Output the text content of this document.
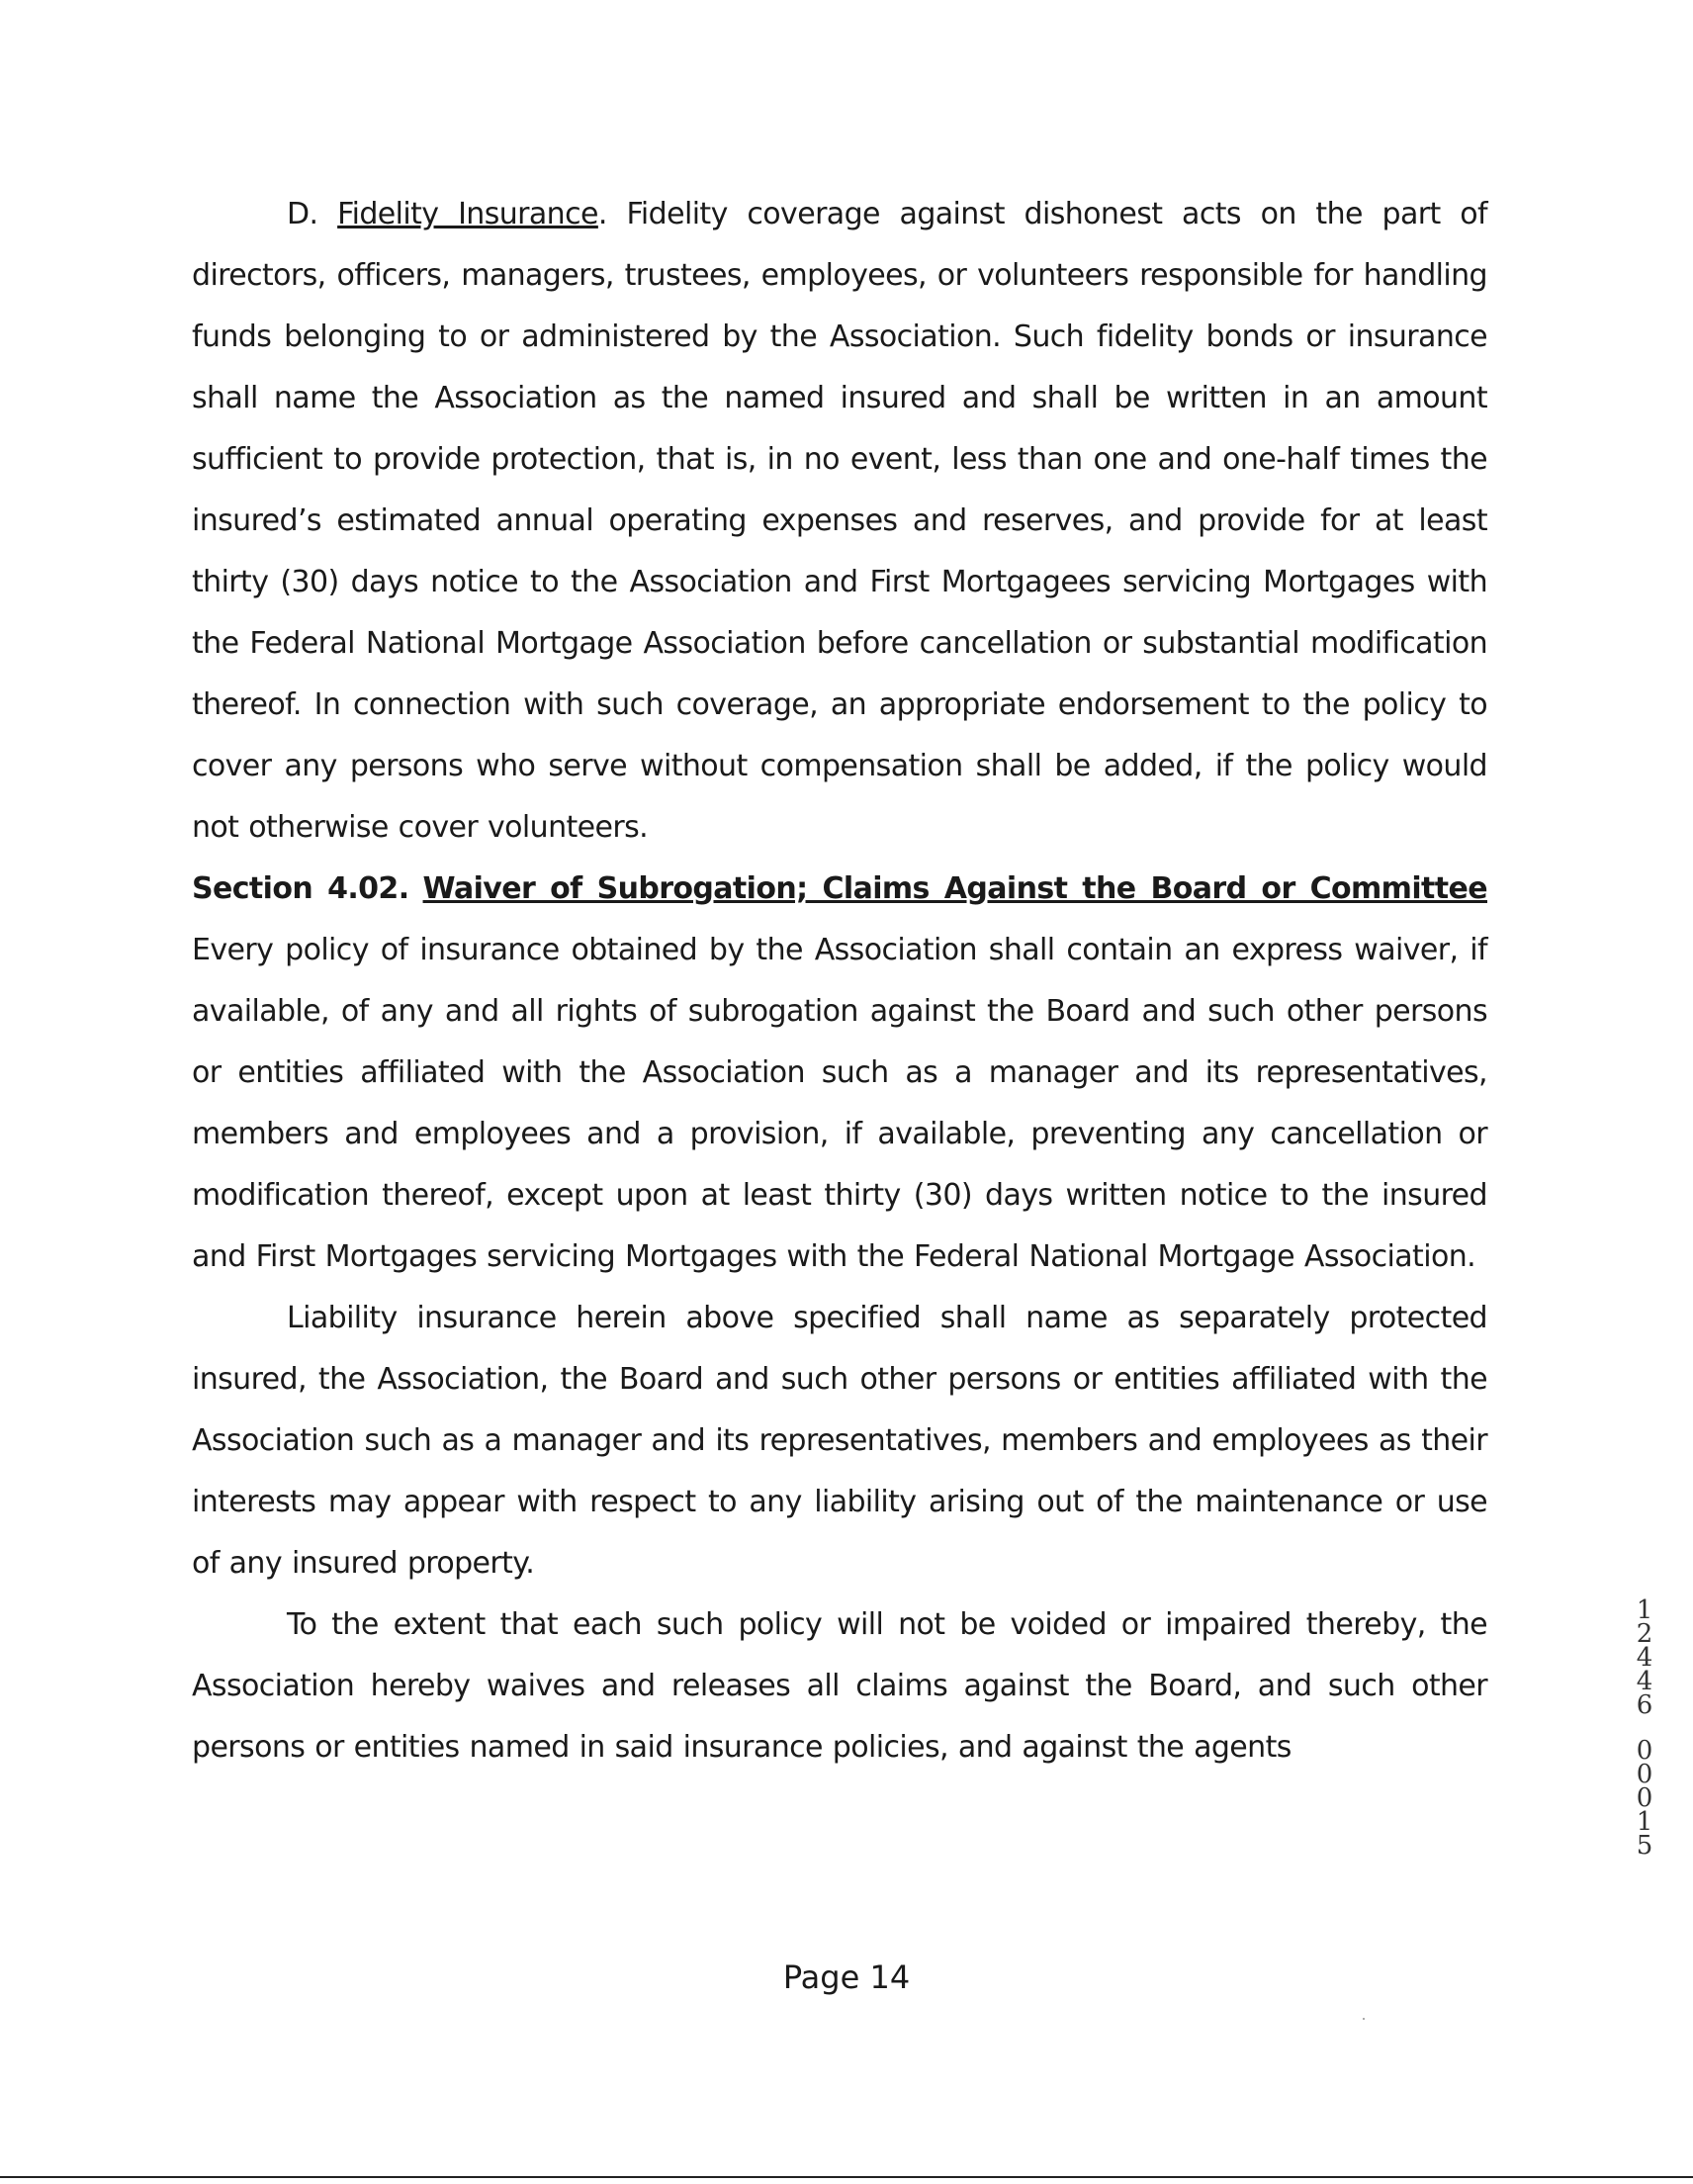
D. Fidelity Insurance. Fidelity coverage against dishonest acts on the part of directors, officers, managers, trustees, employees, or volunteers responsible for handling funds belonging to or administered by the Association. Such fidelity bonds or insurance shall name the Association as the named insured and shall be written in an amount sufficient to provide protection, that is, in no event, less than one and one-half times the insured’s estimated annual operating expenses and reserves, and provide for at least thirty (30) days notice to the Association and First Mortgagees servicing Mortgages with the Federal National Mortgage Association before cancellation or substantial modification thereof. In connection with such coverage, an appropriate endorsement to the policy to cover any persons who serve without compensation shall be added, if the policy would not otherwise cover volunteers.

Section 4.02. Waiver of Subrogation; Claims Against the Board or Committee Every policy of insurance obtained by the Association shall contain an express waiver, if available, of any and all rights of subrogation against the Board and such other persons or entities affiliated with the Association such as a manager and its representatives, members and employees and a provision, if available, preventing any cancellation or modification thereof, except upon at least thirty (30) days written notice to the insured and First Mortgages servicing Mortgages with the Federal National Mortgage Association.

Liability insurance herein above specified shall name as separately protected insured, the Association, the Board and such other persons or entities affiliated with the Association such as a manager and its representatives, members and employees as their interests may appear with respect to any liability arising out of the maintenance or use of any insured property.

To the extent that each such policy will not be voided or impaired thereby, the Association hereby waives and releases all claims against the Board, and such other persons or entities named in said insurance policies, and against the agents

Page 14
1
2
4
4
6
0
0
0
1
5
